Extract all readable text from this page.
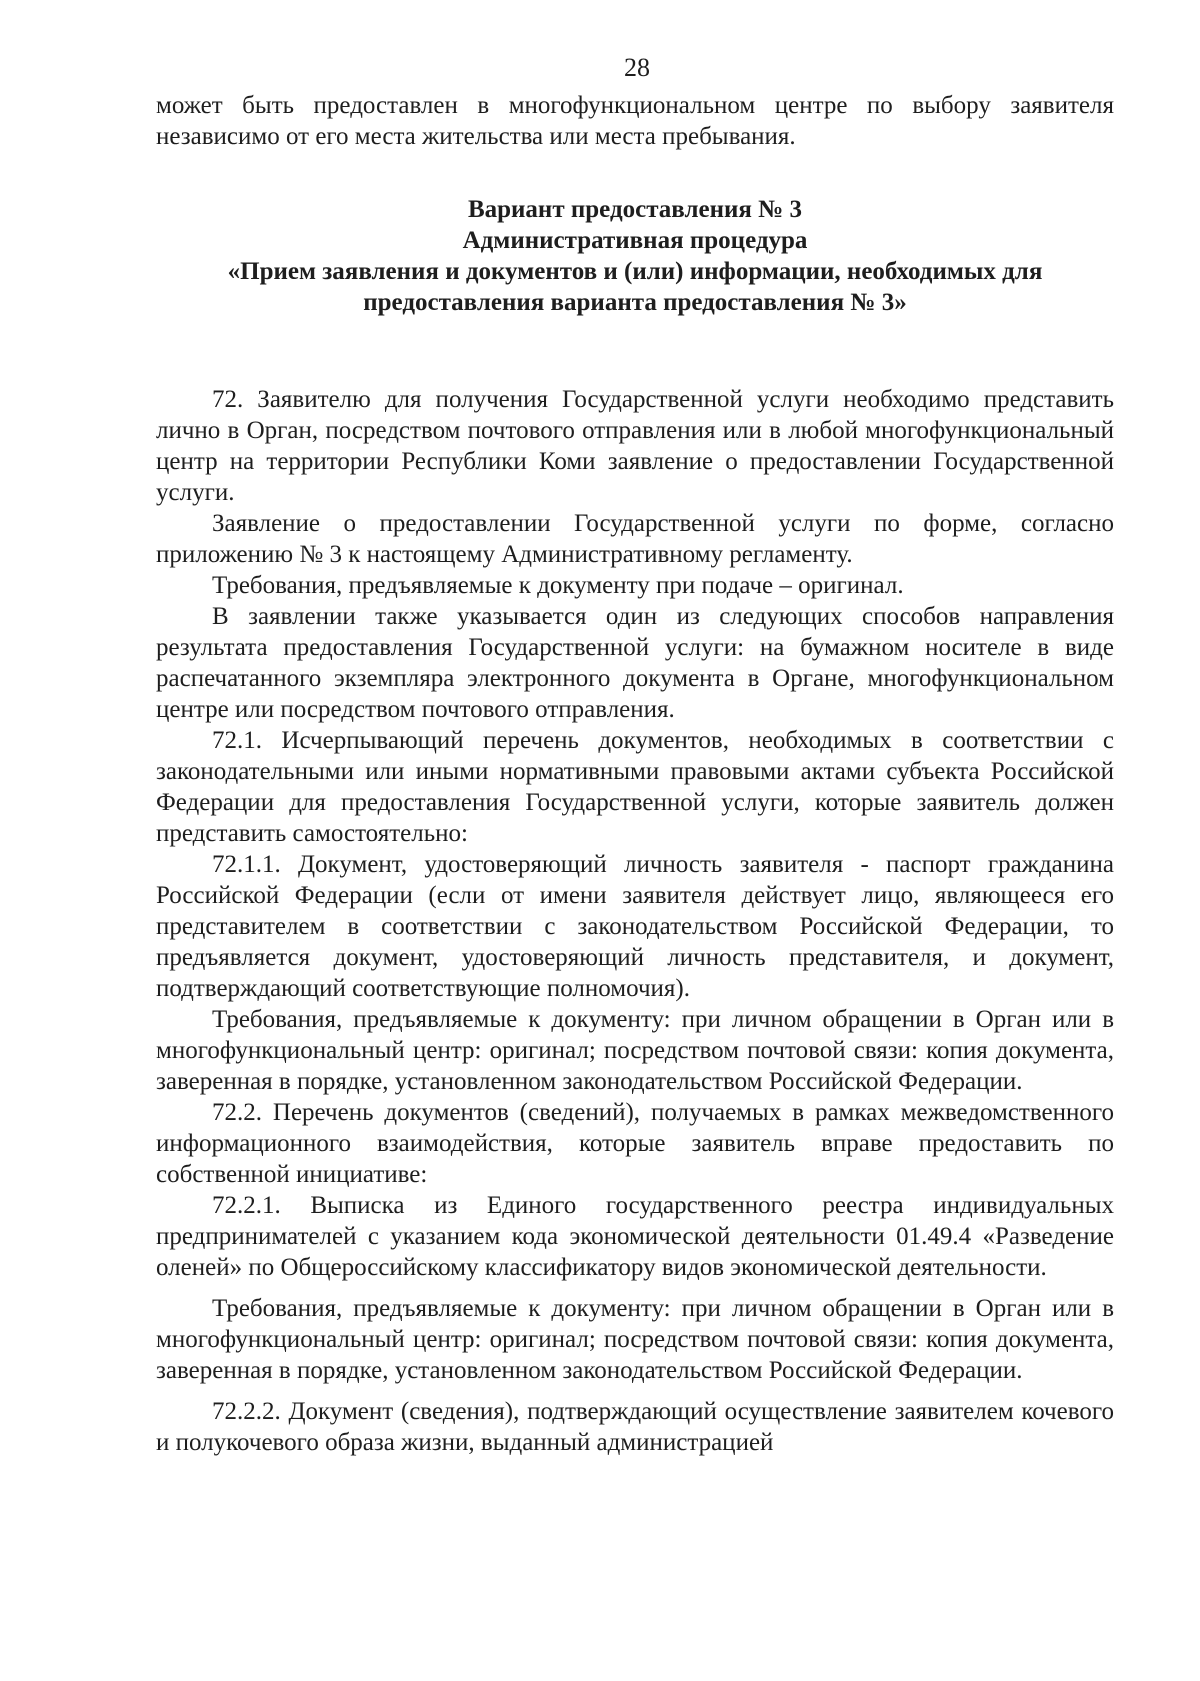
28

может быть предоставлен в многофункциональном центре по выбору заявителя независимо от его места жительства или места пребывания.

Вариант предоставления № 3
Административная процедура
«Прием заявления и документов и (или) информации, необходимых для предоставления варианта предоставления № 3»

72. Заявителю для получения Государственной услуги необходимо представить лично в Орган, посредством почтового отправления или в любой многофункциональный центр на территории Республики Коми заявление о предоставлении Государственной услуги.

Заявление о предоставлении Государственной услуги по форме, согласно приложению № 3 к настоящему Административному регламенту.

Требования, предъявляемые к документу при подаче – оригинал.

В заявлении также указывается один из следующих способов направления результата предоставления Государственной услуги: на бумажном носителе в виде распечатанного экземпляра электронного документа в Органе, многофункциональном центре или посредством почтового отправления.

72.1. Исчерпывающий перечень документов, необходимых в соответствии с законодательными или иными нормативными правовыми актами субъекта Российской Федерации для предоставления Государственной услуги, которые заявитель должен представить самостоятельно:

72.1.1. Документ, удостоверяющий личность заявителя - паспорт гражданина Российской Федерации (если от имени заявителя действует лицо, являющееся его представителем в соответствии с законодательством Российской Федерации, то предъявляется документ, удостоверяющий личность представителя, и документ, подтверждающий соответствующие полномочия).

Требования, предъявляемые к документу: при личном обращении в Орган или в многофункциональный центр: оригинал; посредством почтовой связи: копия документа, заверенная в порядке, установленном законодательством Российской Федерации.

72.2. Перечень документов (сведений), получаемых в рамках межведомственного информационного взаимодействия, которые заявитель вправе предоставить по собственной инициативе:

72.2.1. Выписка из Единого государственного реестра индивидуальных предпринимателей с указанием кода экономической деятельности 01.49.4 «Разведение оленей» по Общероссийскому классификатору видов экономической деятельности.

Требования, предъявляемые к документу: при личном обращении в Орган или в многофункциональный центр: оригинал; посредством почтовой связи: копия документа, заверенная в порядке, установленном законодательством Российской Федерации.

72.2.2. Документ (сведения), подтверждающий осуществление заявителем кочевого и полукочевого образа жизни, выданный администрацией
